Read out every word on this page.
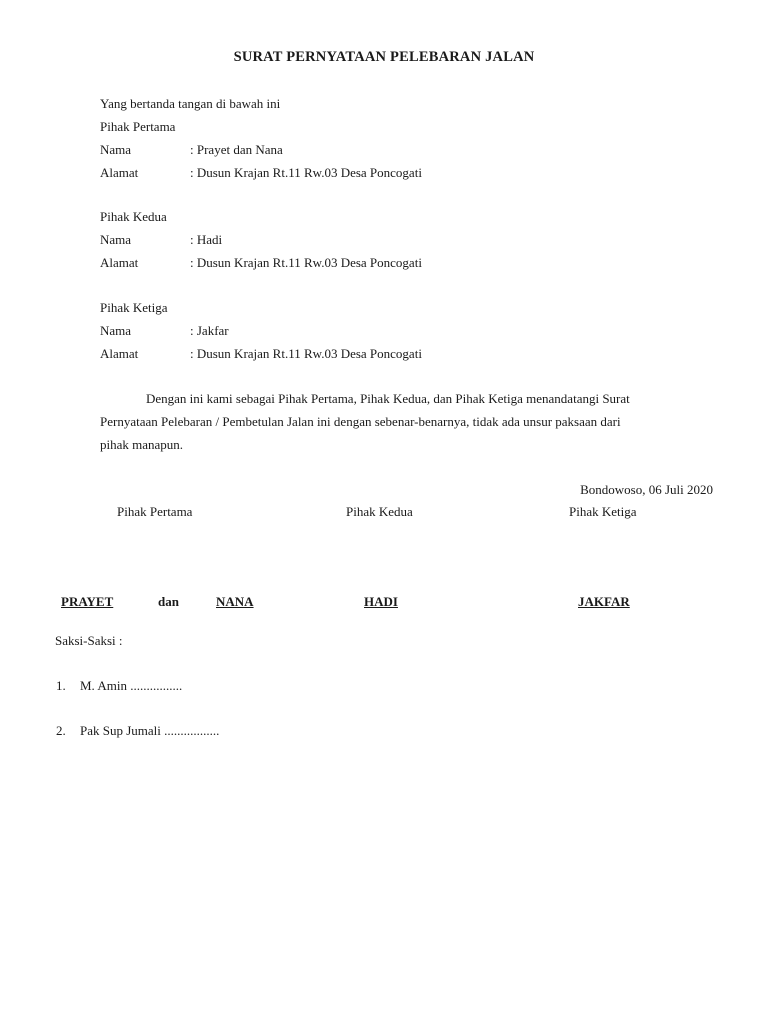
SURAT PERNYATAAN PELEBARAN JALAN
Yang bertanda tangan di bawah ini
Pihak Pertama
Nama	: Prayet dan Nana
Alamat	: Dusun Krajan Rt.11 Rw.03 Desa Poncogati
Pihak Kedua
Nama	: Hadi
Alamat	: Dusun Krajan Rt.11 Rw.03 Desa Poncogati
Pihak Ketiga
Nama	: Jakfar
Alamat	: Dusun Krajan Rt.11 Rw.03 Desa Poncogati
Dengan ini kami sebagai Pihak Pertama, Pihak Kedua, dan Pihak Ketiga menandatangi Surat
Pernyataan Pelebaran / Pembetulan Jalan ini dengan sebenar-benarnya, tidak ada unsur paksaan dari
pihak manapun.
Bondowoso, 06 Juli 2020
Pihak Pertama	Pihak Kedua	Pihak Ketiga
PRAYET	dan	NANA	HADI	JAKFAR
Saksi-Saksi :
1. M. Amin ................
2. Pak Sup Jumali .................
